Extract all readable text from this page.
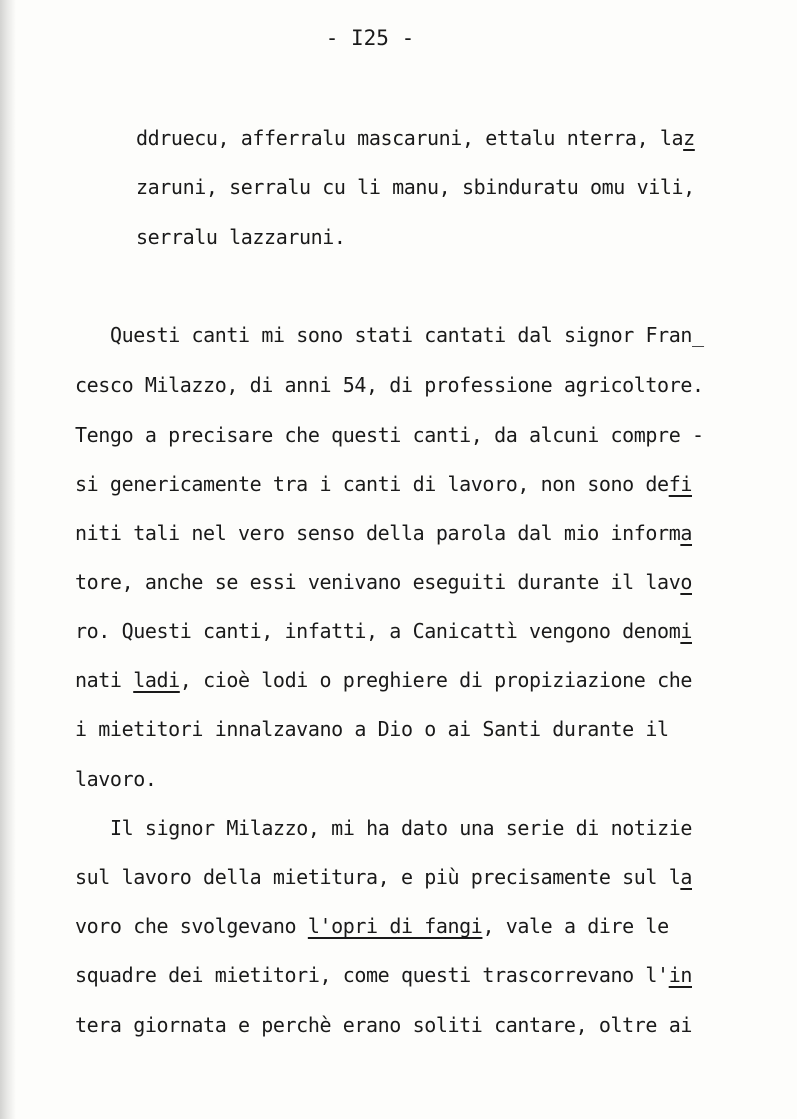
- I25 -
ddruecu, afferralu mascaruni, ettalu nterra, laz
zaruni, serralu cu li manu, sbinduratu omu vili,
serralu lazzaruni.
Questi canti mi sono stati cantati dal signor Fran_
cesco Milazzo, di anni 54, di professione agricoltore.
Tengo a precisare che questi canti, da alcuni compre -
si genericamente tra i canti di lavoro, non sono defi
niti tali nel vero senso della parola dal mio informa
tore, anche se essi venivano eseguiti durante il lavo
ro. Questi canti, infatti, a Canicattì vengono denomi
nati ladi, cioè lodi o preghiere di propiziazione che
i mietitori innalzavano a Dio o ai Santi durante il
lavoro.
Il signor Milazzo, mi ha dato una serie di notizie
sul lavoro della mietitura, e più precisamente sul la
voro che svolgevano l'opri di fangi, vale a dire le
squadre dei mietitori, come questi trascorrevano l'in
tera giornata e perchè erano soliti cantare, oltre ai
